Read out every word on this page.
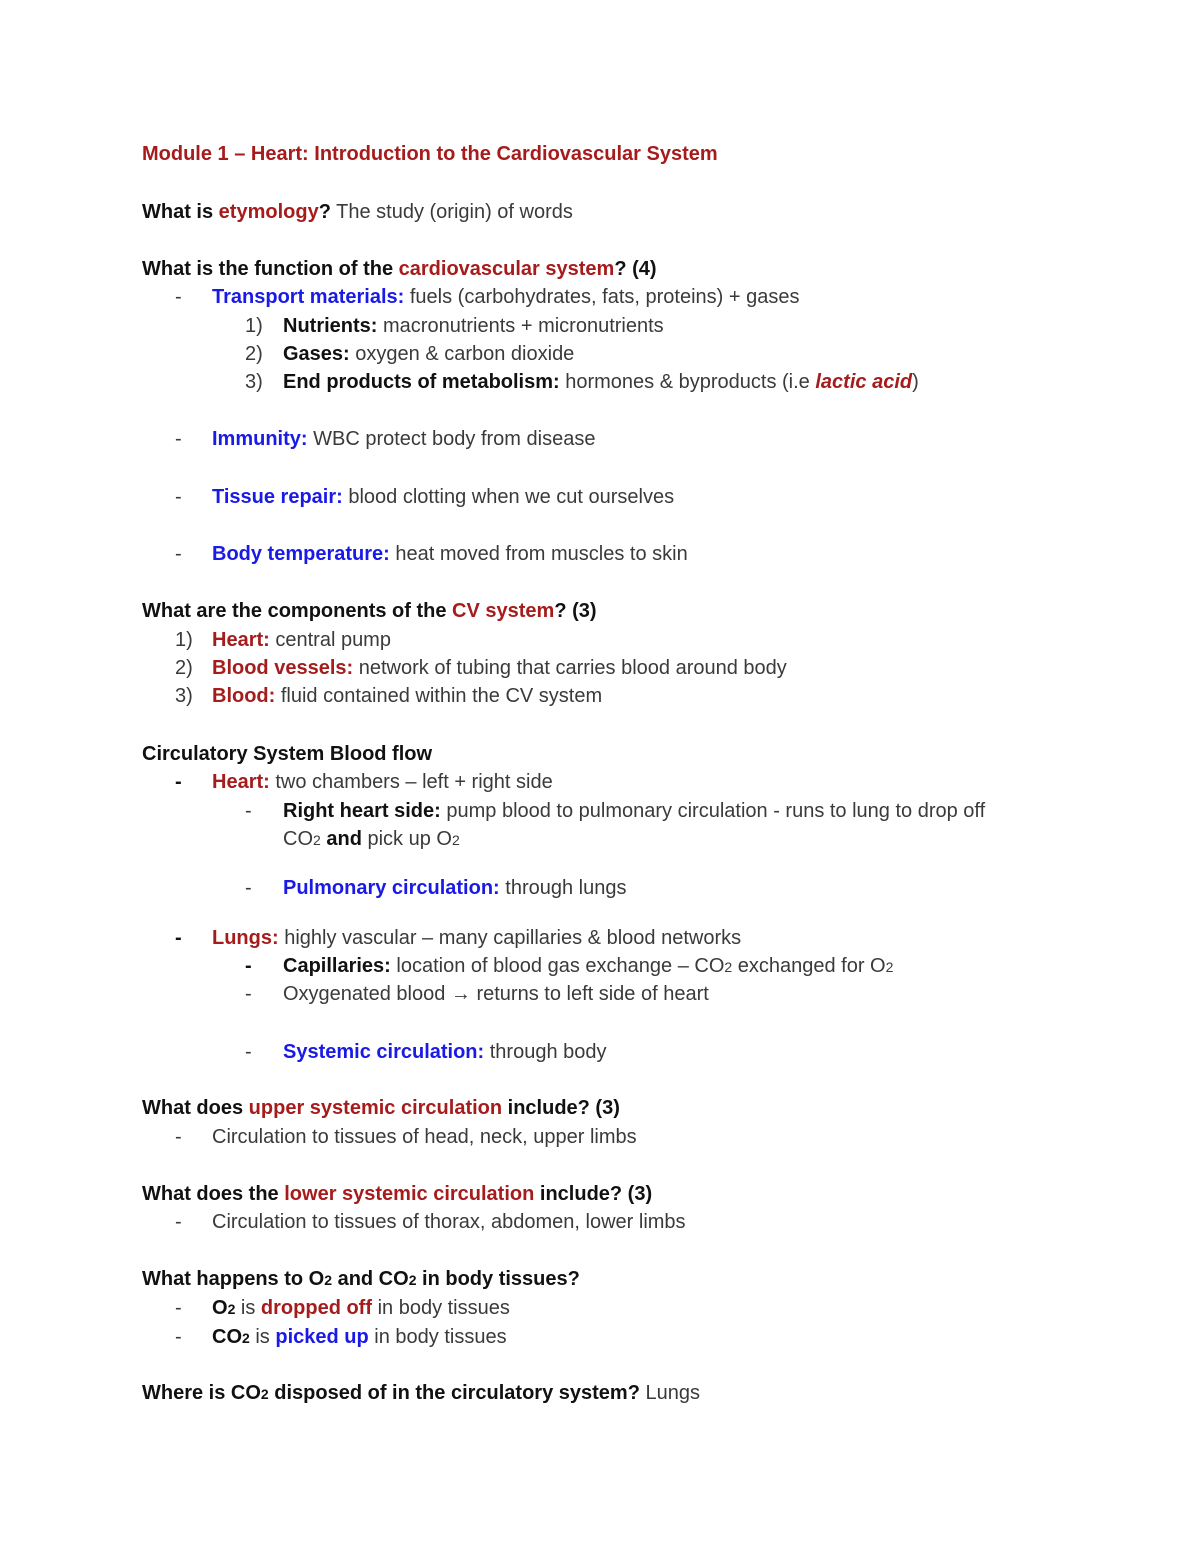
Module 1 – Heart: Introduction to the Cardiovascular System
What is etymology? The study (origin) of words
What is the function of the cardiovascular system? (4)
- Transport materials: fuels (carbohydrates, fats, proteins) + gases
1) Nutrients: macronutrients + micronutrients
2) Gases: oxygen & carbon dioxide
3) End products of metabolism: hormones & byproducts (i.e lactic acid)
- Immunity: WBC protect body from disease
- Tissue repair: blood clotting when we cut ourselves
- Body temperature: heat moved from muscles to skin
What are the components of the CV system? (3)
1) Heart: central pump
2) Blood vessels: network of tubing that carries blood around body
3) Blood: fluid contained within the CV system
Circulatory System Blood flow
- Heart: two chambers – left + right side
- Right heart side: pump blood to pulmonary circulation - runs to lung to drop off
CO2 and pick up O2
- Pulmonary circulation: through lungs
- Lungs: highly vascular – many capillaries & blood networks
- Capillaries: location of blood gas exchange – CO2 exchanged for O2
- Oxygenated blood → returns to left side of heart
- Systemic circulation: through body
What does upper systemic circulation include? (3)
- Circulation to tissues of head, neck, upper limbs
What does the lower systemic circulation include? (3)
- Circulation to tissues of thorax, abdomen, lower limbs
What happens to O2 and CO2 in body tissues?
- O2 is dropped off in body tissues
- CO2 is picked up in body tissues
Where is CO2 disposed of in the circulatory system? Lungs
